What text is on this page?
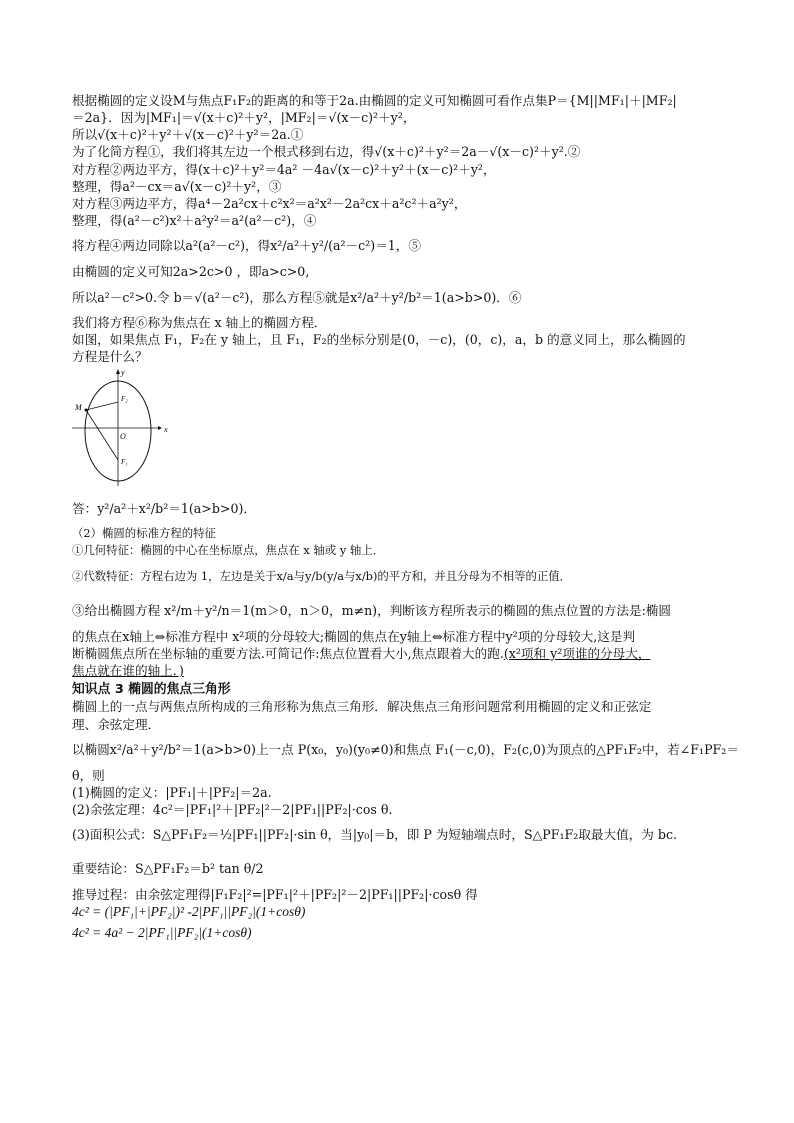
根据椭圆的定义设M与焦点F₁F₂的距离的和等于2a.由椭圆的定义可知椭圆可看作点集P＝{M||MF₁|＋|MF₂|
＝2a}．因为|MF₁|＝√(x＋c)²＋y²，|MF₂|＝√(x－c)²＋y²，
所以√(x＋c)²＋y²＋√(x－c)²＋y²＝2a.①
为了化简方程①，我们将其左边一个根式移到右边，得√(x＋c)²＋y²＝2a－√(x－c)²＋y².②
对方程②两边平方，得(x＋c)²＋y²＝4a² －4a√(x－c)²＋y²＋(x－c)²＋y²，
整理，得a²－cx＝a√(x－c)²＋y²，③
对方程③两边平方，得a⁴－2a²cx＋c²x²＝a²x²－2a²cx＋a²c²＋a²y²，
整理，得(a²－c²)x²＋a²y²＝a²(a²－c²)，④
将方程④两边同除以a²(a²－c²)，得x²/a²＋y²/(a²－c²)＝1，⑤
由椭圆的定义可知2a>2c>0 ，即a>c>0,
所以a²－c²>0.令 b＝√(a²－c²)，那么方程⑤就是x²/a²＋y²/b²＝1(a>b>0)．⑥
我们将方程⑥称为焦点在 x 轴上的椭圆方程．
如图，如果焦点 F₁，F₂在 y 轴上，且 F₁，F₂的坐标分别是(0，－c)，(0，c)，a，b 的意义同上，那么椭圆的
方程是什么？
y
x
O
M
F₂
F₁
答：y²/a²＋x²/b²＝1(a>b>0)．
（2）椭圆的标准方程的特征
①几何特征：椭圆的中心在坐标原点，焦点在 x 轴或 y 轴上．
②代数特征：方程右边为 1，左边是关于x/a与y/b(y/a与x/b)的平方和，并且分母为不相等的正值．
③给出椭圆方程 x²/m＋y²/n＝1(m＞0，n＞0，m≠n)，判断该方程所表示的椭圆的焦点位置的方法是:椭圆
的焦点在x轴上⇔标准方程中 x²项的分母较大;椭圆的焦点在y轴上⇔标准方程中y²项的分母较大,这是判
断椭圆焦点所在坐标轴的重要方法.可简记作:焦点位置看大小,焦点跟着大的跑.(x²项和 y²项谁的分母大，
焦点就在谁的轴上．)
知识点 3 椭圆的焦点三角形
椭圆上的一点与两焦点所构成的三角形称为焦点三角形．解决焦点三角形问题常利用椭圆的定义和正弦定
理、余弦定理．
以椭圆x²/a²＋y²/b²＝1(a>b>0)上一点 P(x₀，y₀)(y₀≠0)和焦点 F₁(－c,0)，F₂(c,0)为顶点的△PF₁F₂中，若∠F₁PF₂＝
θ，则
(1)椭圆的定义：|PF₁|＋|PF₂|＝2a.
(2)余弦定理：4c²＝|PF₁|²＋|PF₂|²－2|PF₁||PF₂|·cos θ.
(3)面积公式：S△PF₁F₂＝½|PF₁||PF₂|·sin θ，当|y₀|＝b，即 P 为短轴端点时，S△PF₁F₂取最大值，为 bc.
重要结论：S△PF₁F₂＝b² tan θ/2
推导过程：由余弦定理得|F₁F₂|²=|PF₁|²＋|PF₂|²－2|PF₁||PF₂|·cosθ 得
4c² = (|PF₁|+|PF₂|)² -2|PF₁||PF₂|(1+cosθ)
4c² = 4a² − 2|PF₁||PF₂|(1+cosθ)
